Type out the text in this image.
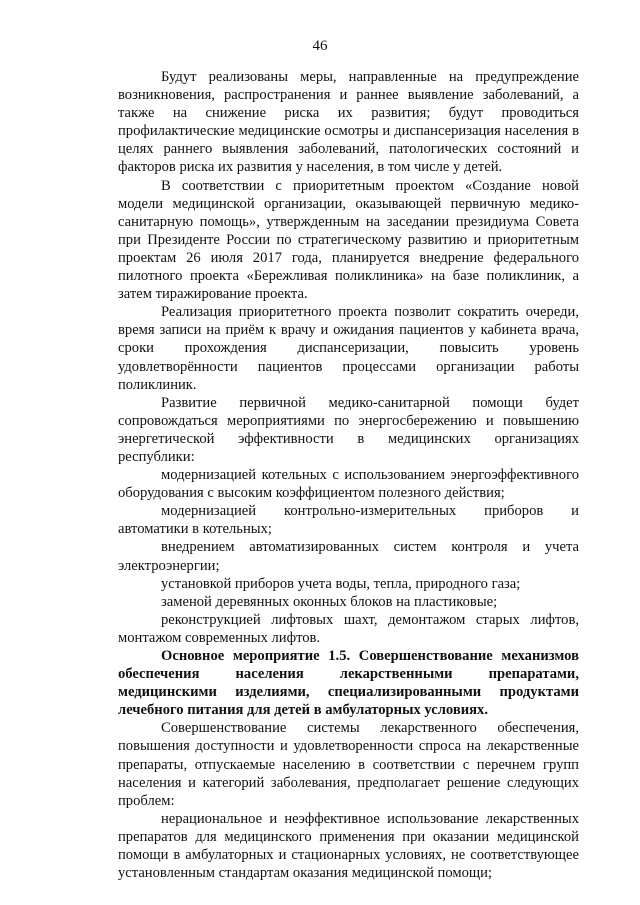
46

Будут реализованы меры, направленные на предупреждение возникновения, распространения и раннее выявление заболеваний, а также на снижение риска их развития; будут проводиться профилактические медицинские осмотры и диспансеризация населения в целях раннего выявления заболеваний, патологических состояний и факторов риска их развития у населения, в том числе у детей.

В соответствии с приоритетным проектом «Создание новой модели медицинской организации, оказывающей первичную медико-санитарную помощь», утвержденным на заседании президиума Совета при Президенте России по стратегическому развитию и приоритетным проектам 26 июля 2017 года, планируется внедрение федерального пилотного проекта «Бережливая поликлиника» на базе поликлиник, а затем тиражирование проекта.

Реализация приоритетного проекта позволит сократить очереди, время записи на приём к врачу и ожидания пациентов у кабинета врача, сроки прохождения диспансеризации, повысить уровень удовлетворённости пациентов процессами организации работы поликлиник.

Развитие первичной медико-санитарной помощи будет сопровождаться мероприятиями по энергосбережению и повышению энергетической эффективности в медицинских организациях республики:

модернизацией котельных с использованием энергоэффективного оборудования с высоким коэффициентом полезного действия;

модернизацией контрольно-измерительных приборов и автоматики в котельных;

внедрением автоматизированных систем контроля и учета электроэнергии;

установкой приборов учета воды, тепла, природного газа;

заменой деревянных оконных блоков на пластиковые;

реконструкцией лифтовых шахт, демонтажом старых лифтов, монтажом современных лифтов.

Основное мероприятие 1.5. Совершенствование механизмов обеспечения населения лекарственными препаратами, медицинскими изделиями, специализированными продуктами лечебного питания для детей в амбулаторных условиях.

Совершенствование системы лекарственного обеспечения, повышения доступности и удовлетворенности спроса на лекарственные препараты, отпускаемые населению в соответствии с перечнем групп населения и категорий заболевания, предполагает решение следующих проблем:

нерациональное и неэффективное использование лекарственных препаратов для медицинского применения при оказании медицинской помощи в амбулаторных и стационарных условиях, не соответствующее установленным стандартам оказания медицинской помощи;
